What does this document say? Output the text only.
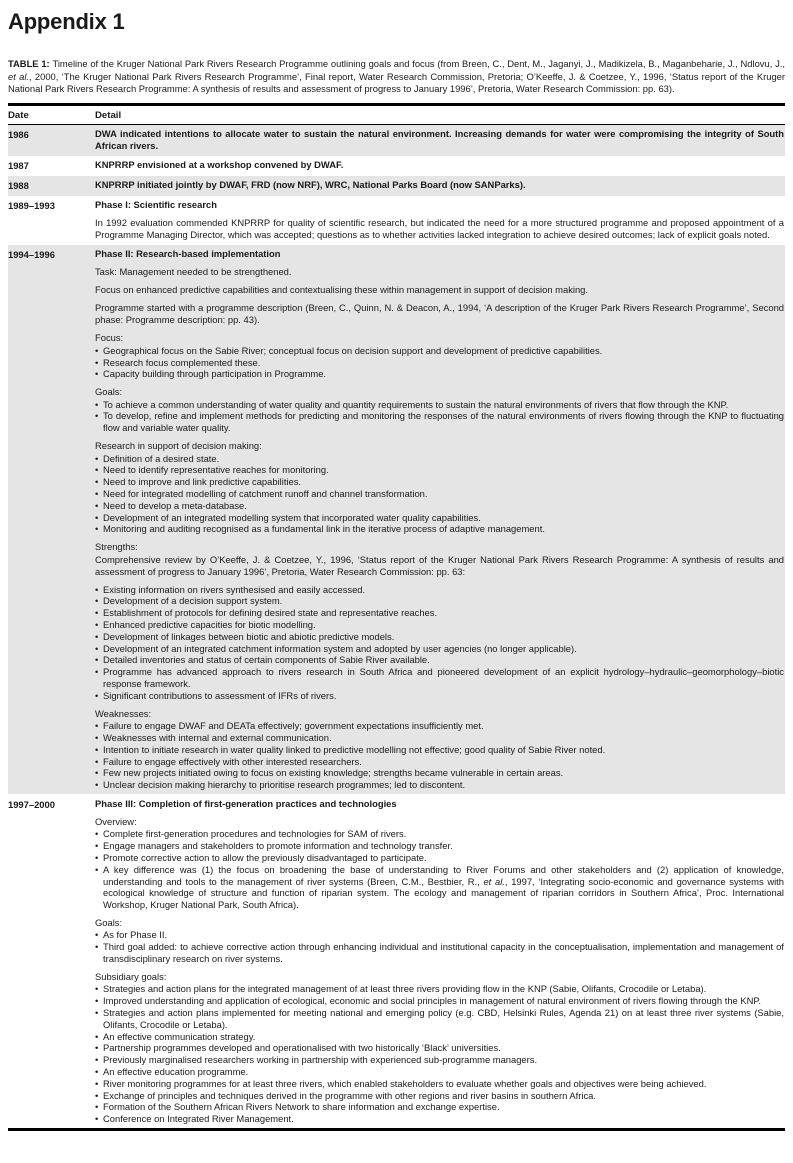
Appendix 1

TABLE 1: Timeline of the Kruger National Park Rivers Research Programme outlining goals and focus (from Breen, C., Dent, M., Jaganyi, J., Madikizela, B., Maganbeharie, J., Ndlovu, J., et al., 2000, ‘The Kruger National Park Rivers Research Programme’, Final report, Water Research Commission, Pretoria; O’Keeffe, J. & Coetzee, Y., 1996, ‘Status report of the Kruger National Park Rivers Research Programme: A synthesis of results and assessment of progress to January 1996’, Pretoria, Water Research Commission: pp. 63).

Date	Detail
1986	DWA indicated intentions to allocate water to sustain the natural environment. Increasing demands for water were compromising the integrity of South African rivers.

1987	KNPRRP envisioned at a workshop convened by DWAF.

1988	KNPRRP initiated jointly by DWAF, FRD (now NRF), WRC, National Parks Board (now SANParks).

1989–1993	Phase I: Scientific research

In 1992 evaluation commended KNPRRP for quality of scientific research, but indicated the need for a more structured programme and proposed appointment of a Programme Managing Director, which was accepted; questions as to whether activities lacked integration to achieve desired outcomes; lack of explicit goals noted.

1994–1996	Phase II: Research-based implementation

Task: Management needed to be strengthened.

Focus on enhanced predictive capabilities and contextualising these within management in support of decision making.

Programme started with a programme description (Breen, C., Quinn, N. & Deacon, A., 1994, ‘A description of the Kruger Park Rivers Research Programme’, Second phase: Programme description: pp. 43).

Focus:

• Geographical focus on the Sabie River; conceptual focus on decision support and development of predictive capabilities.
• Research focus complemented these.
• Capacity building through participation in Programme.

Goals:

• To achieve a common understanding of water quality and quantity requirements to sustain the natural environments of rivers that flow through the KNP.
• To develop, refine and implement methods for predicting and monitoring the responses of the natural environments of rivers flowing through the KNP to fluctuating flow and variable water quality.

Research in support of decision making:

• Definition of a desired state.
• Need to identify representative reaches for monitoring.
• Need to improve and link predictive capabilities.
• Need for integrated modelling of catchment runoff and channel transformation.
• Need to develop a meta-database.
• Development of an integrated modelling system that incorporated water quality capabilities.
• Monitoring and auditing recognised as a fundamental link in the iterative process of adaptive management.

Strengths:

Comprehensive review by O’Keeffe, J. & Coetzee, Y., 1996, ‘Status report of the Kruger National Park Rivers Research Programme: A synthesis of results and assessment of progress to January 1996’, Pretoria, Water Research Commission: pp. 63:

• Existing information on rivers synthesised and easily accessed.
• Development of a decision support system.
• Establishment of protocols for defining desired state and representative reaches.
• Enhanced predictive capacities for biotic modelling.
• Development of linkages between biotic and abiotic predictive models.
• Development of an integrated catchment information system and adopted by user agencies (no longer applicable).
• Detailed inventories and status of certain components of Sabie River available.
• Programme has advanced approach to rivers research in South Africa and pioneered development of an explicit hydrology–hydraulic–geomorphology–biotic response framework.
• Significant contributions to assessment of IFRs of rivers.

Weaknesses:

• Failure to engage DWAF and DEATa effectively; government expectations insufficiently met.
• Weaknesses with internal and external communication.
• Intention to initiate research in water quality linked to predictive modelling not effective; good quality of Sabie River noted.
• Failure to engage effectively with other interested researchers.
• Few new projects initiated owing to focus on existing knowledge; strengths became vulnerable in certain areas.
• Unclear decision making hierarchy to prioritise research programmes; led to discontent.
1997–2000	Phase III: Completion of first-generation practices and technologies

Overview:

• Complete first-generation procedures and technologies for SAM of rivers.
• Engage managers and stakeholders to promote information and technology transfer.
• Promote corrective action to allow the previously disadvantaged to participate.
• A key difference was (1) the focus on broadening the base of understanding to River Forums and other stakeholders and (2) application of knowledge, understanding and tools to the management of river systems (Breen, C.M., Bestbier, R., et al., 1997, ‘Integrating socio-economic and governance systems with ecological knowledge of structure and function of riparian system. The ecology and management of riparian corridors in Southern Africa’, Proc. International Workshop, Kruger National Park, South Africa).

Goals:

• As for Phase II.
• Third goal added: to achieve corrective action through enhancing individual and institutional capacity in the conceptualisation, implementation and management of transdisciplinary research on river systems.

Subsidiary goals:

• Strategies and action plans for the integrated management of at least three rivers providing flow in the KNP (Sabie, Olifants, Crocodile or Letaba).
• Improved understanding and application of ecological, economic and social principles in management of natural environment of rivers flowing through the KNP.
• Strategies and action plans implemented for meeting national and emerging policy (e.g. CBD, Helsinki Rules, Agenda 21) on at least three river systems (Sabie, Olifants, Crocodile or Letaba).
• An effective communication strategy.
• Partnership programmes developed and operationalised with two historically ‘Black’ universities.
• Previously marginalised researchers working in partnership with experienced sub-programme managers.
• An effective education programme.
• River monitoring programmes for at least three rivers, which enabled stakeholders to evaluate whether goals and objectives were being achieved.
• Exchange of principles and techniques derived in the programme with other regions and river basins in southern Africa.
• Formation of the Southern African Rivers Network to share information and exchange expertise.
• Conference on Integrated River Management.
